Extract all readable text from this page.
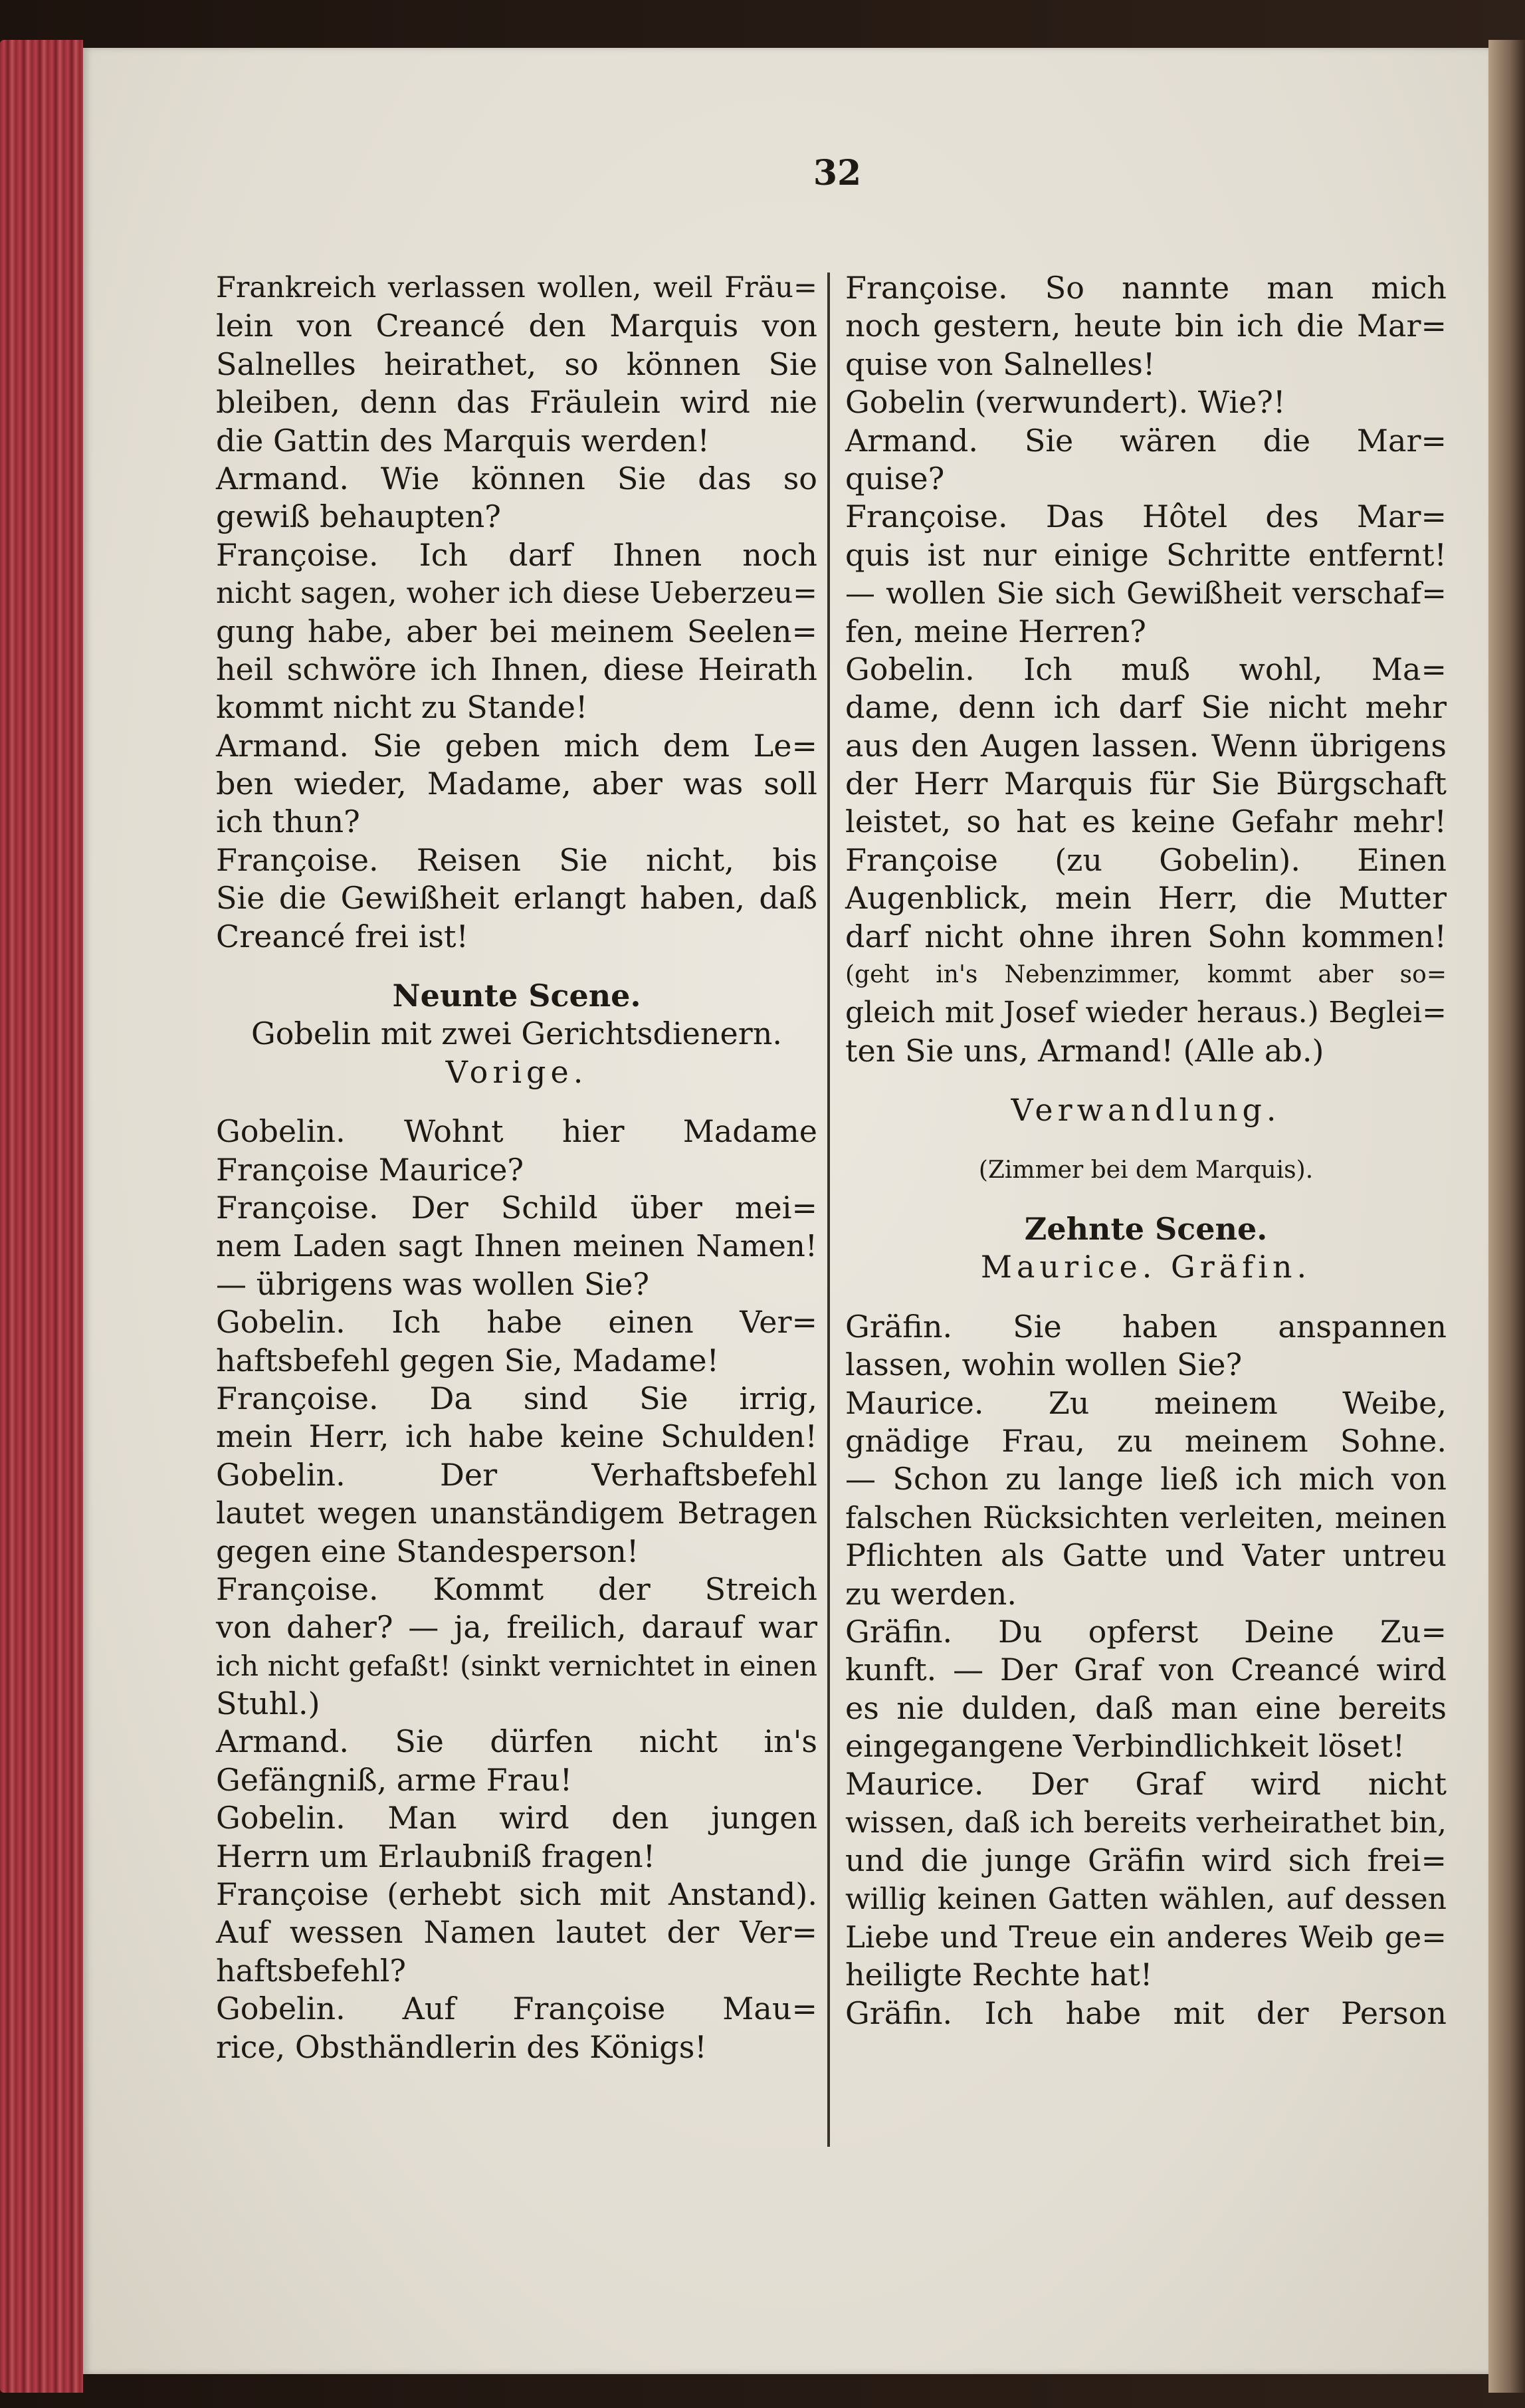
32
Frankreich verlassen wollen, weil Fräu=
lein von Creancé den Marquis von
Salnelles heirathet, so können Sie
bleiben, denn das Fräulein wird nie
die Gattin des Marquis werden!
Armand. Wie können Sie das so
gewiß behaupten?
Françoise. Ich darf Ihnen noch
nicht sagen, woher ich diese Ueberzeu=
gung habe, aber bei meinem Seelen=
heil schwöre ich Ihnen, diese Heirath
kommt nicht zu Stande!
Armand. Sie geben mich dem Le=
ben wieder, Madame, aber was soll
ich thun?
Françoise. Reisen Sie nicht, bis
Sie die Gewißheit erlangt haben, daß
Creancé frei ist!
Neunte Scene.
Gobelin mit zwei Gerichtsdienern.
Vorige.
Gobelin. Wohnt hier Madame
Françoise Maurice?
Françoise. Der Schild über mei=
nem Laden sagt Ihnen meinen Namen!
— übrigens was wollen Sie?
Gobelin. Ich habe einen Ver=
haftsbefehl gegen Sie, Madame!
Françoise. Da sind Sie irrig,
mein Herr, ich habe keine Schulden!
Gobelin. Der Verhaftsbefehl
lautet wegen unanständigem Betragen
gegen eine Standesperson!
Françoise. Kommt der Streich
von daher? — ja, freilich, darauf war
ich nicht gefaßt! (sinkt vernichtet in einen
Stuhl.)
Armand. Sie dürfen nicht in's
Gefängniß, arme Frau!
Gobelin. Man wird den jungen
Herrn um Erlaubniß fragen!
Françoise (erhebt sich mit Anstand).
Auf wessen Namen lautet der Ver=
haftsbefehl?
Gobelin. Auf Françoise Mau=
rice, Obsthändlerin des Königs!
Françoise. So nannte man mich
noch gestern, heute bin ich die Mar=
quise von Salnelles!
Gobelin (verwundert). Wie?!
Armand. Sie wären die Mar=
quise?
Françoise. Das Hôtel des Mar=
quis ist nur einige Schritte entfernt!
— wollen Sie sich Gewißheit verschaf=
fen, meine Herren?
Gobelin. Ich muß wohl, Ma=
dame, denn ich darf Sie nicht mehr
aus den Augen lassen. Wenn übrigens
der Herr Marquis für Sie Bürgschaft
leistet, so hat es keine Gefahr mehr!
Françoise (zu Gobelin). Einen
Augenblick, mein Herr, die Mutter
darf nicht ohne ihren Sohn kommen!
(geht in's Nebenzimmer, kommt aber so=
gleich mit Josef wieder heraus.) Beglei=
ten Sie uns, Armand! (Alle ab.)
Verwandlung.
(Zimmer bei dem Marquis).
Zehnte Scene.
Maurice. Gräfin.
Gräfin. Sie haben anspannen
lassen, wohin wollen Sie?
Maurice. Zu meinem Weibe,
gnädige Frau, zu meinem Sohne.
— Schon zu lange ließ ich mich von
falschen Rücksichten verleiten, meinen
Pflichten als Gatte und Vater untreu
zu werden.
Gräfin. Du opferst Deine Zu=
kunft. — Der Graf von Creancé wird
es nie dulden, daß man eine bereits
eingegangene Verbindlichkeit löset!
Maurice. Der Graf wird nicht
wissen, daß ich bereits verheirathet bin,
und die junge Gräfin wird sich frei=
willig keinen Gatten wählen, auf dessen
Liebe und Treue ein anderes Weib ge=
heiligte Rechte hat!
Gräfin. Ich habe mit der Person
